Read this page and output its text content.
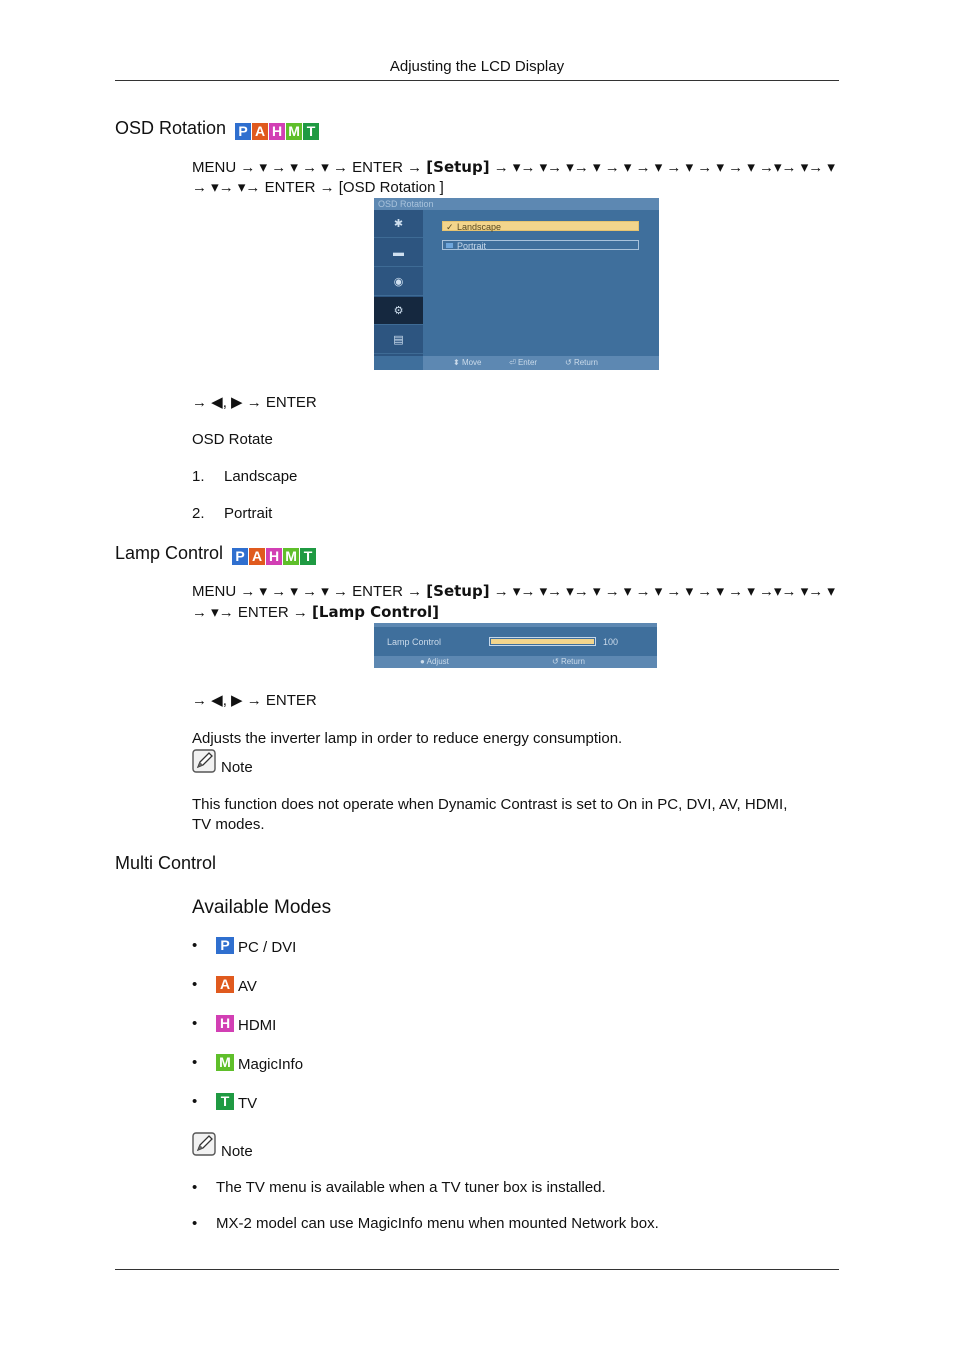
Adjusting the LCD Display
OSD Rotation P A H M T
MENU → ▾ → ▾ → ▾ → ENTER → [Setup] → ▾→ ▾→ ▾→ ▾ → ▾ → ▾ → ▾ → ▾ → ▾ →▾→ ▾→ ▾
→ ▾→ ▾→ ENTER → [OSD Rotation ]
OSD Rotation
✱
▬
◉
⚙
▤
✓ Landscape
Portrait
⬍ Move	⏎ Enter	↺ Return
→ ◀, ▶ → ENTER
OSD Rotate
1. Landscape
2. Portrait
Lamp Control P A H M T
MENU → ▾ → ▾ → ▾ → ENTER → [Setup] → ▾→ ▾→ ▾→ ▾ → ▾ → ▾ → ▾ → ▾ → ▾ →▾→ ▾→ ▾
→ ▾→ ENTER → [Lamp Control]
Lamp Control	100
● Adjust	↺ Return
→ ◀, ▶ → ENTER
Adjusts the inverter lamp in order to reduce energy consumption.
Note
This function does not operate when Dynamic Contrast is set to On in PC, DVI, AV, HDMI,
TV modes.
Multi Control
Available Modes
•	P PC / DVI
• A AV
• H HDMI
• M MagicInfo
•	T TV
Note
• The TV menu is available when a TV tuner box is installed.
• MX-2 model can use MagicInfo menu when mounted Network box.
